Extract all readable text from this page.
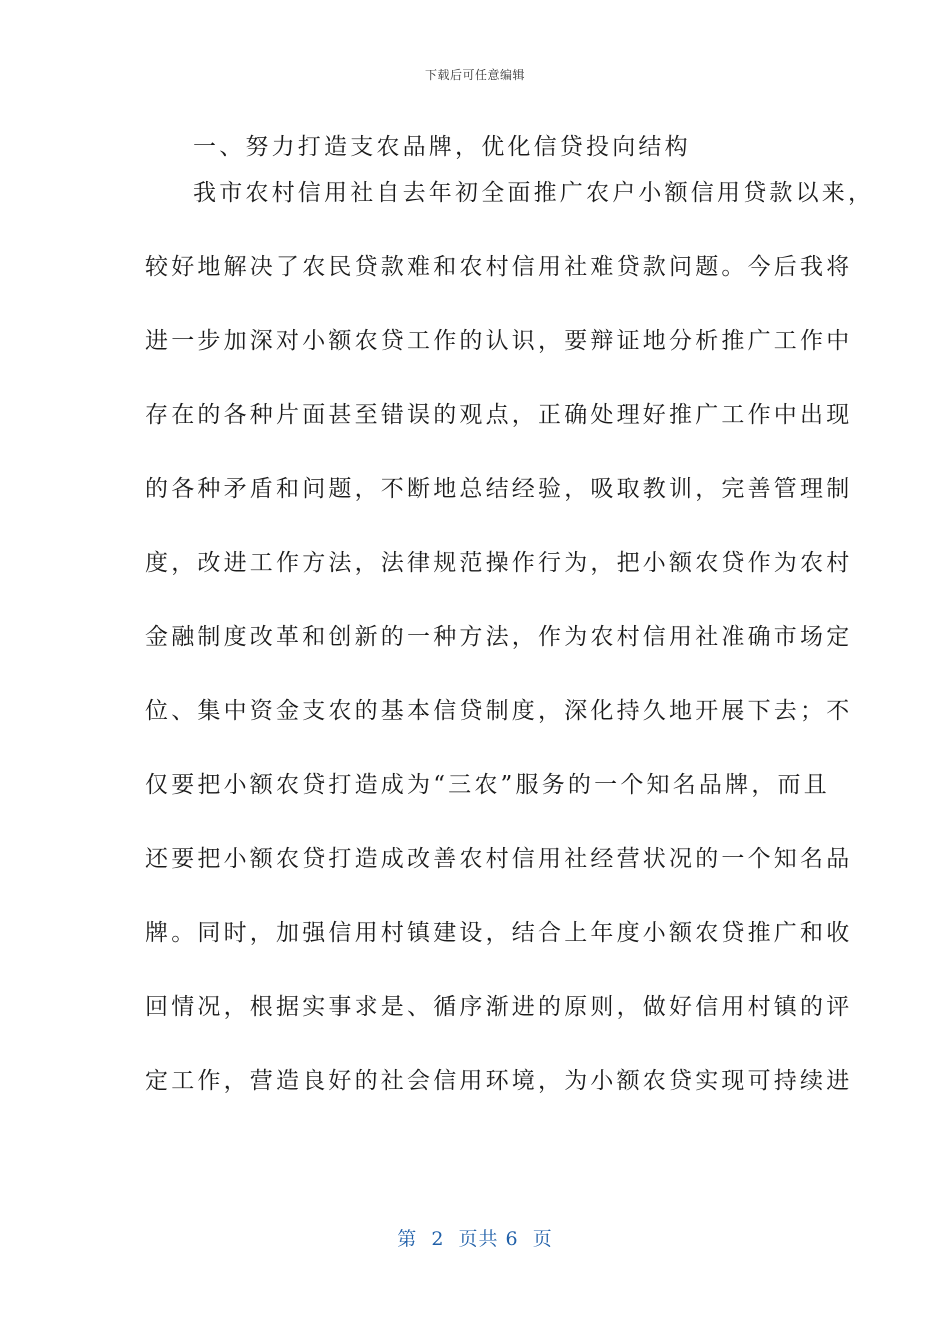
下载后可任意编辑
一、努力打造支农品牌，优化信贷投向结构
我市农村信用社自去年初全面推广农户小额信用贷款以来，
较好地解决了农民贷款难和农村信用社难贷款问题。今后我将
进一步加深对小额农贷工作的认识，要辩证地分析推广工作中
存在的各种片面甚至错误的观点，正确处理好推广工作中出现
的各种矛盾和问题，不断地总结经验，吸取教训，完善管理制
度，改进工作方法，法律规范操作行为，把小额农贷作为农村
金融制度改革和创新的一种方法，作为农村信用社准确市场定
位、集中资金支农的基本信贷制度，深化持久地开展下去；不
仅要把小额农贷打造成为“三农”服务的一个知名品牌，而且
还要把小额农贷打造成改善农村信用社经营状况的一个知名品
牌。同时，加强信用村镇建设，结合上年度小额农贷推广和收
回情况，根据实事求是、循序渐进的原则，做好信用村镇的评
定工作，营造良好的社会信用环境，为小额农贷实现可持续进
第  2  页共 6  页
